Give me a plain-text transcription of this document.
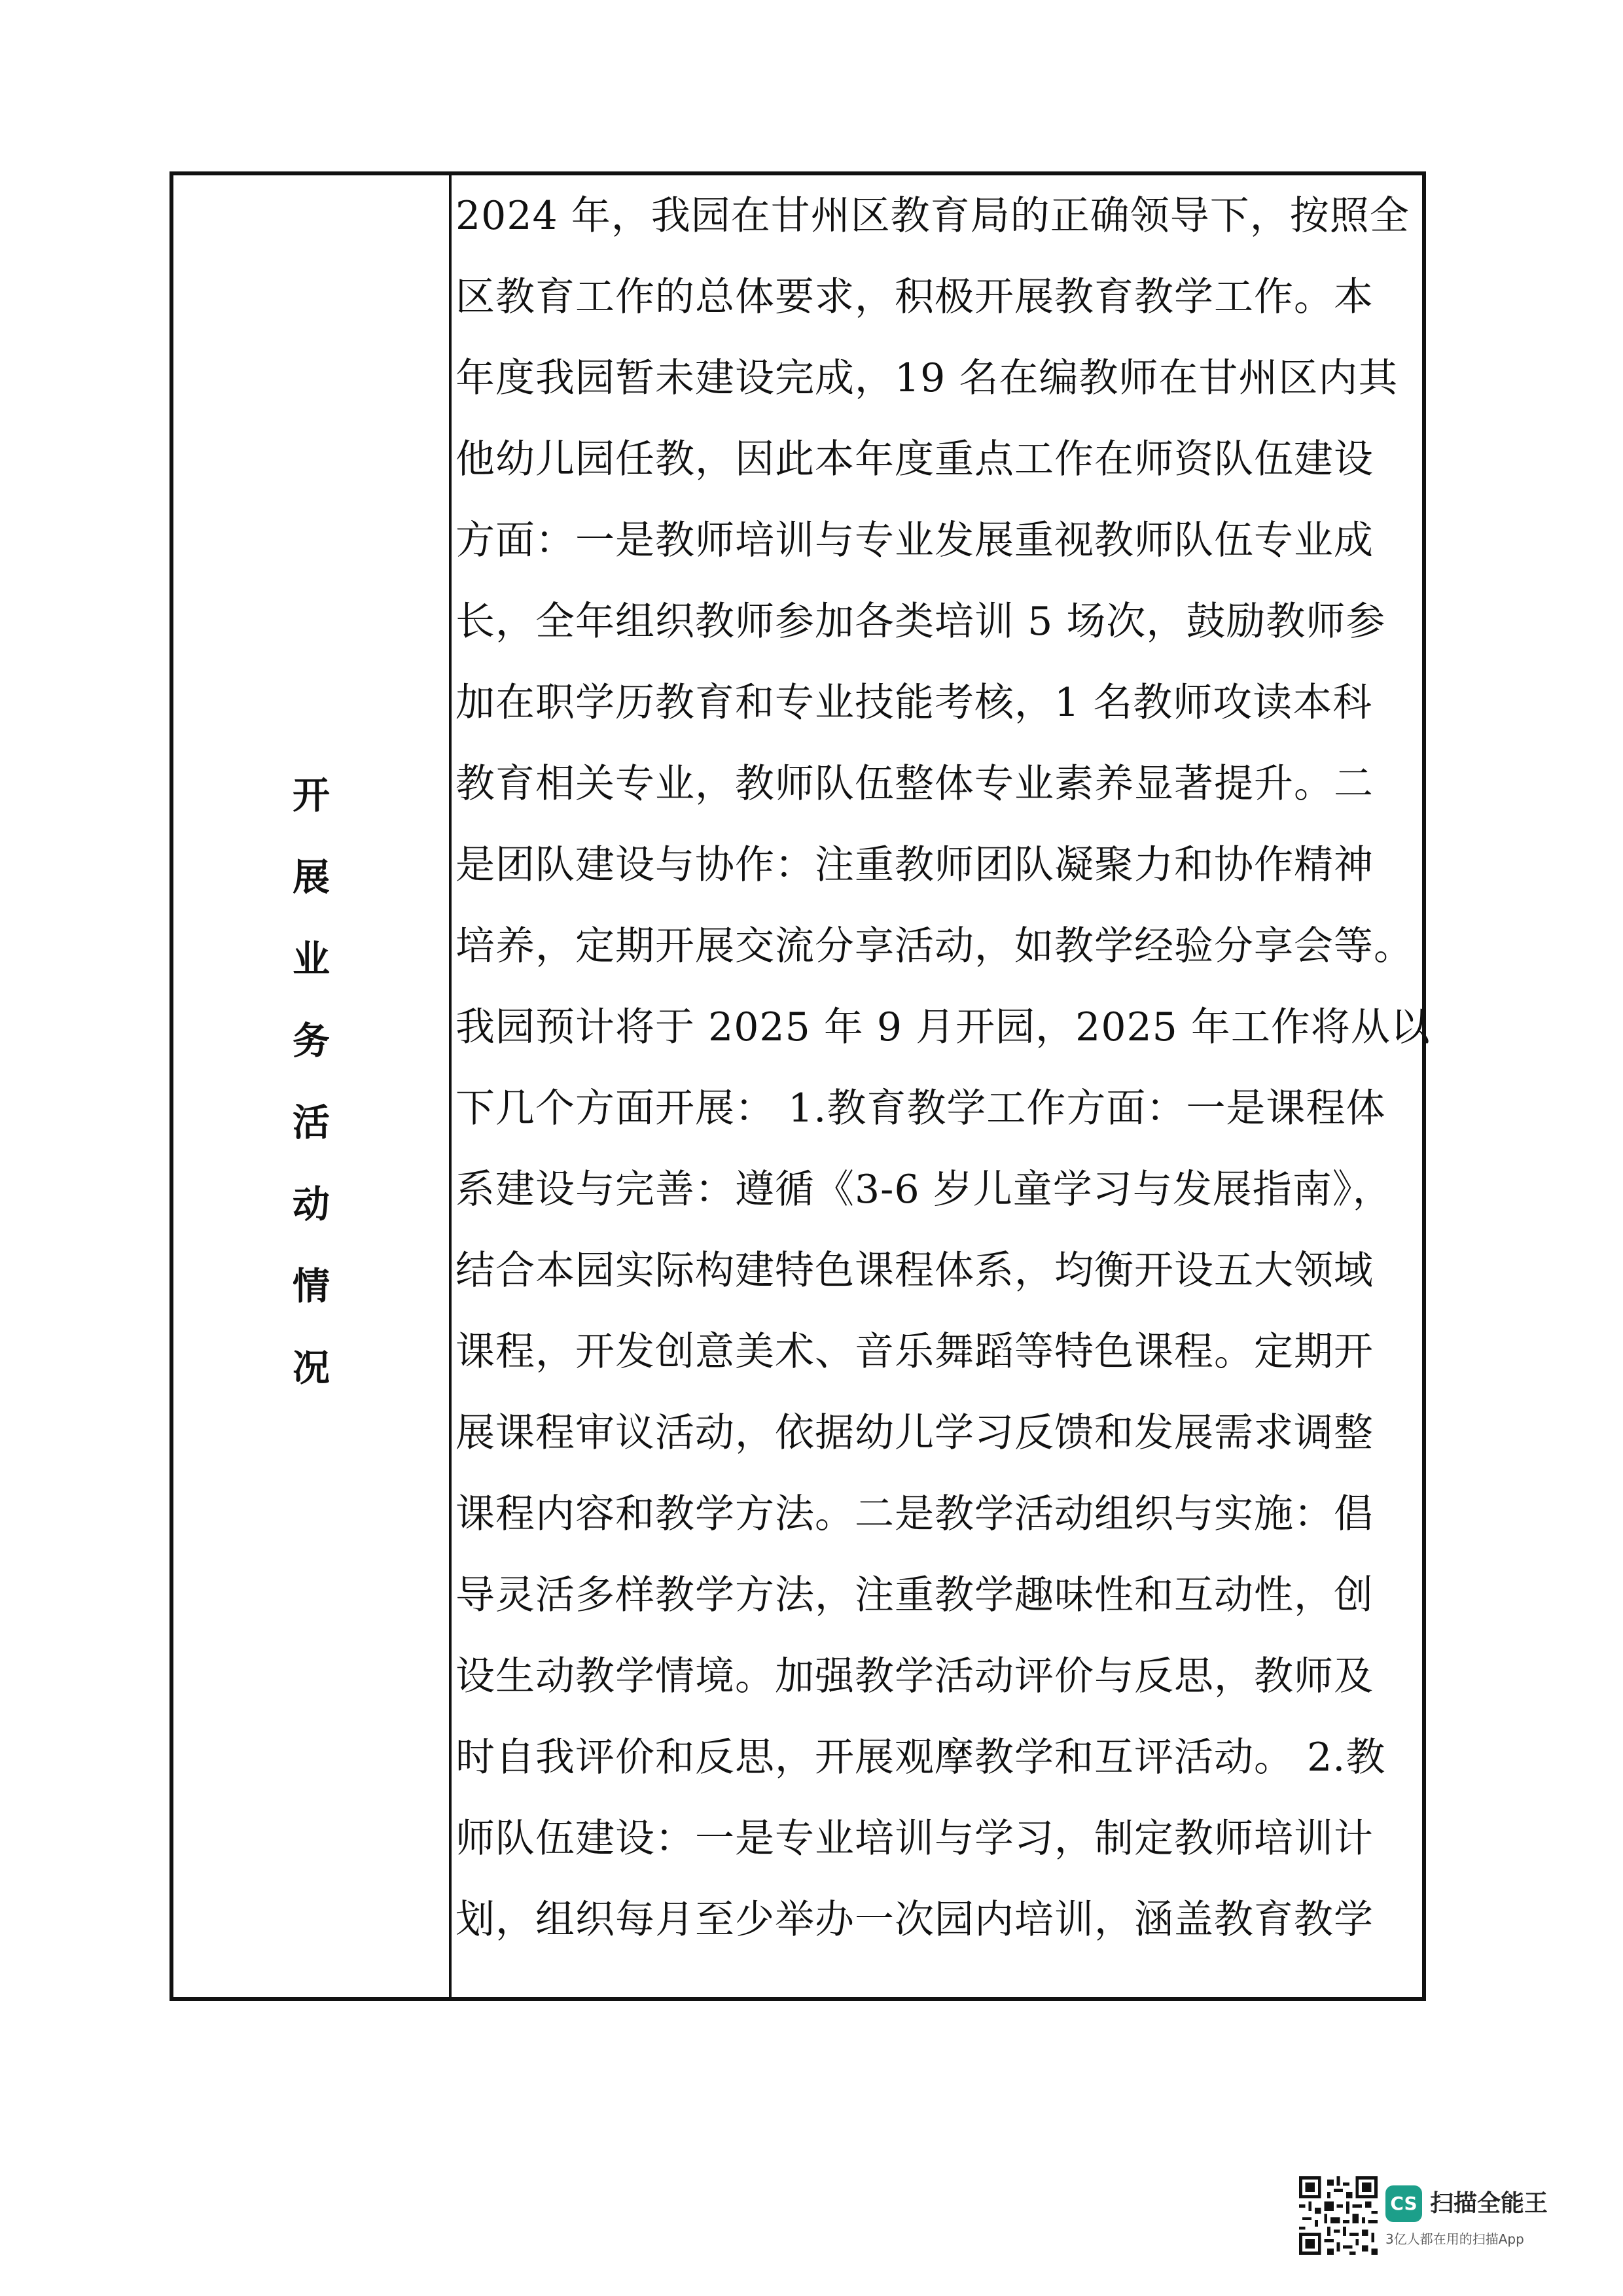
开
展
业
务
活
动
情
况
2024 年，我园在甘州区教育局的正确领导下，按照全
区教育工作的总体要求，积极开展教育教学工作。本
年度我园暂未建设完成，19 名在编教师在甘州区内其
他幼儿园任教，因此本年度重点工作在师资队伍建设
方面：一是教师培训与专业发展重视教师队伍专业成
长，全年组织教师参加各类培训 5 场次，鼓励教师参
加在职学历教育和专业技能考核，1 名教师攻读本科
教育相关专业，教师队伍整体专业素养显著提升。二
是团队建设与协作：注重教师团队凝聚力和协作精神
培养，定期开展交流分享活动，如教学经验分享会等。
我园预计将于 2025 年 9 月开园，2025 年工作将从以
下几个方面开展： 1.教育教学工作方面：一是课程体
系建设与完善：遵循《3-6 岁儿童学习与发展指南》，
结合本园实际构建特色课程体系，均衡开设五大领域
课程，开发创意美术、音乐舞蹈等特色课程。定期开
展课程审议活动，依据幼儿学习反馈和发展需求调整
课程内容和教学方法。二是教学活动组织与实施：倡
导灵活多样教学方法，注重教学趣味性和互动性，创
设生动教学情境。加强教学活动评价与反思，教师及
时自我评价和反思，开展观摩教学和互评活动。 2.教
师队伍建设：一是专业培训与学习，制定教师培训计
划，组织每月至少举办一次园内培训，涵盖教育教学
CS 扫描全能王
3亿人都在用的扫描App
